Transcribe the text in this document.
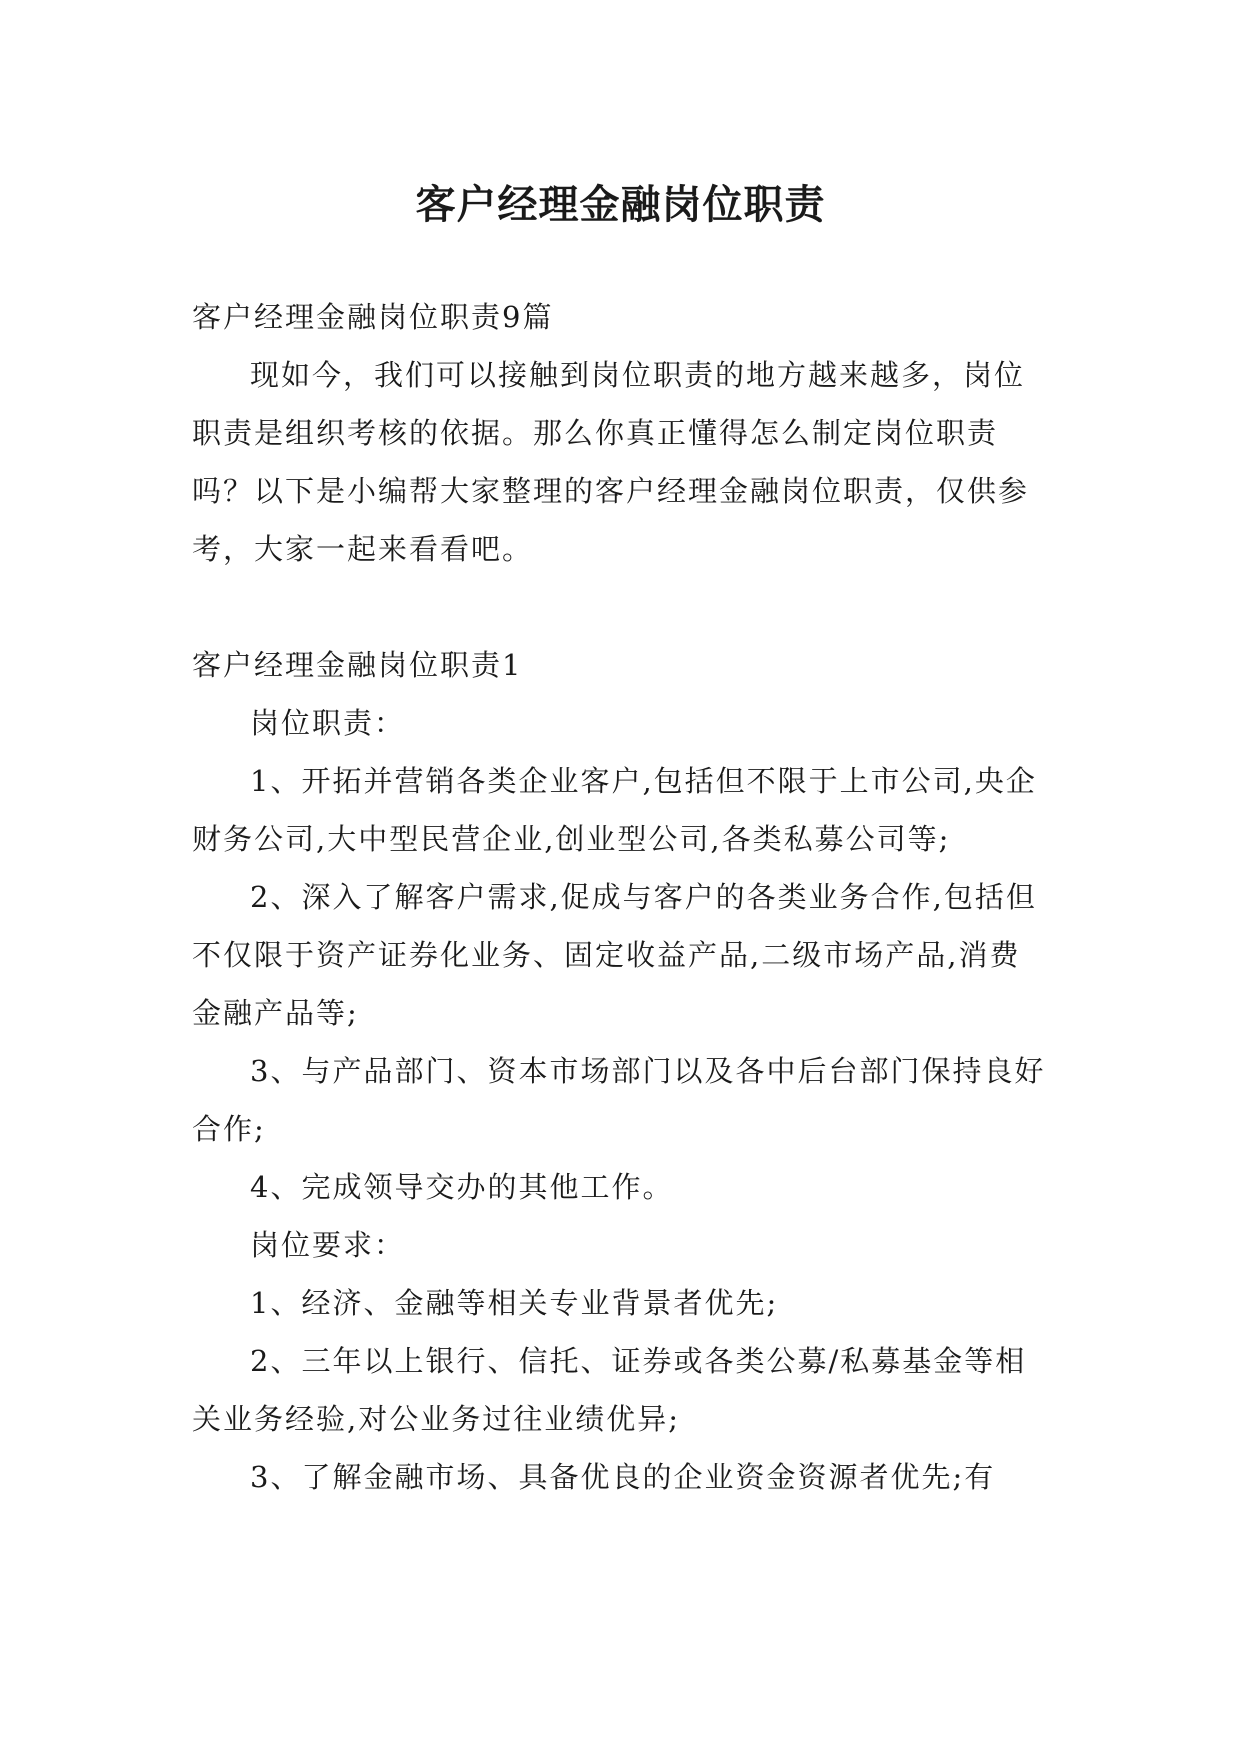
客户经理金融岗位职责

客户经理金融岗位职责9篇

现如今，我们可以接触到岗位职责的地方越来越多，岗位职责是组织考核的依据。那么你真正懂得怎么制定岗位职责吗？以下是小编帮大家整理的客户经理金融岗位职责，仅供参考，大家一起来看看吧。

客户经理金融岗位职责1

岗位职责：

1、开拓并营销各类企业客户,包括但不限于上市公司,央企财务公司,大中型民营企业,创业型公司,各类私募公司等;

2、深入了解客户需求,促成与客户的各类业务合作,包括但不仅限于资产证券化业务、固定收益产品,二级市场产品,消费金融产品等;

3、与产品部门、资本市场部门以及各中后台部门保持良好合作;

4、完成领导交办的其他工作。

岗位要求：

1、经济、金融等相关专业背景者优先;

2、三年以上银行、信托、证券或各类公募/私募基金等相关业务经验,对公业务过往业绩优异;

3、了解金融市场、具备优良的企业资金资源者优先;有
